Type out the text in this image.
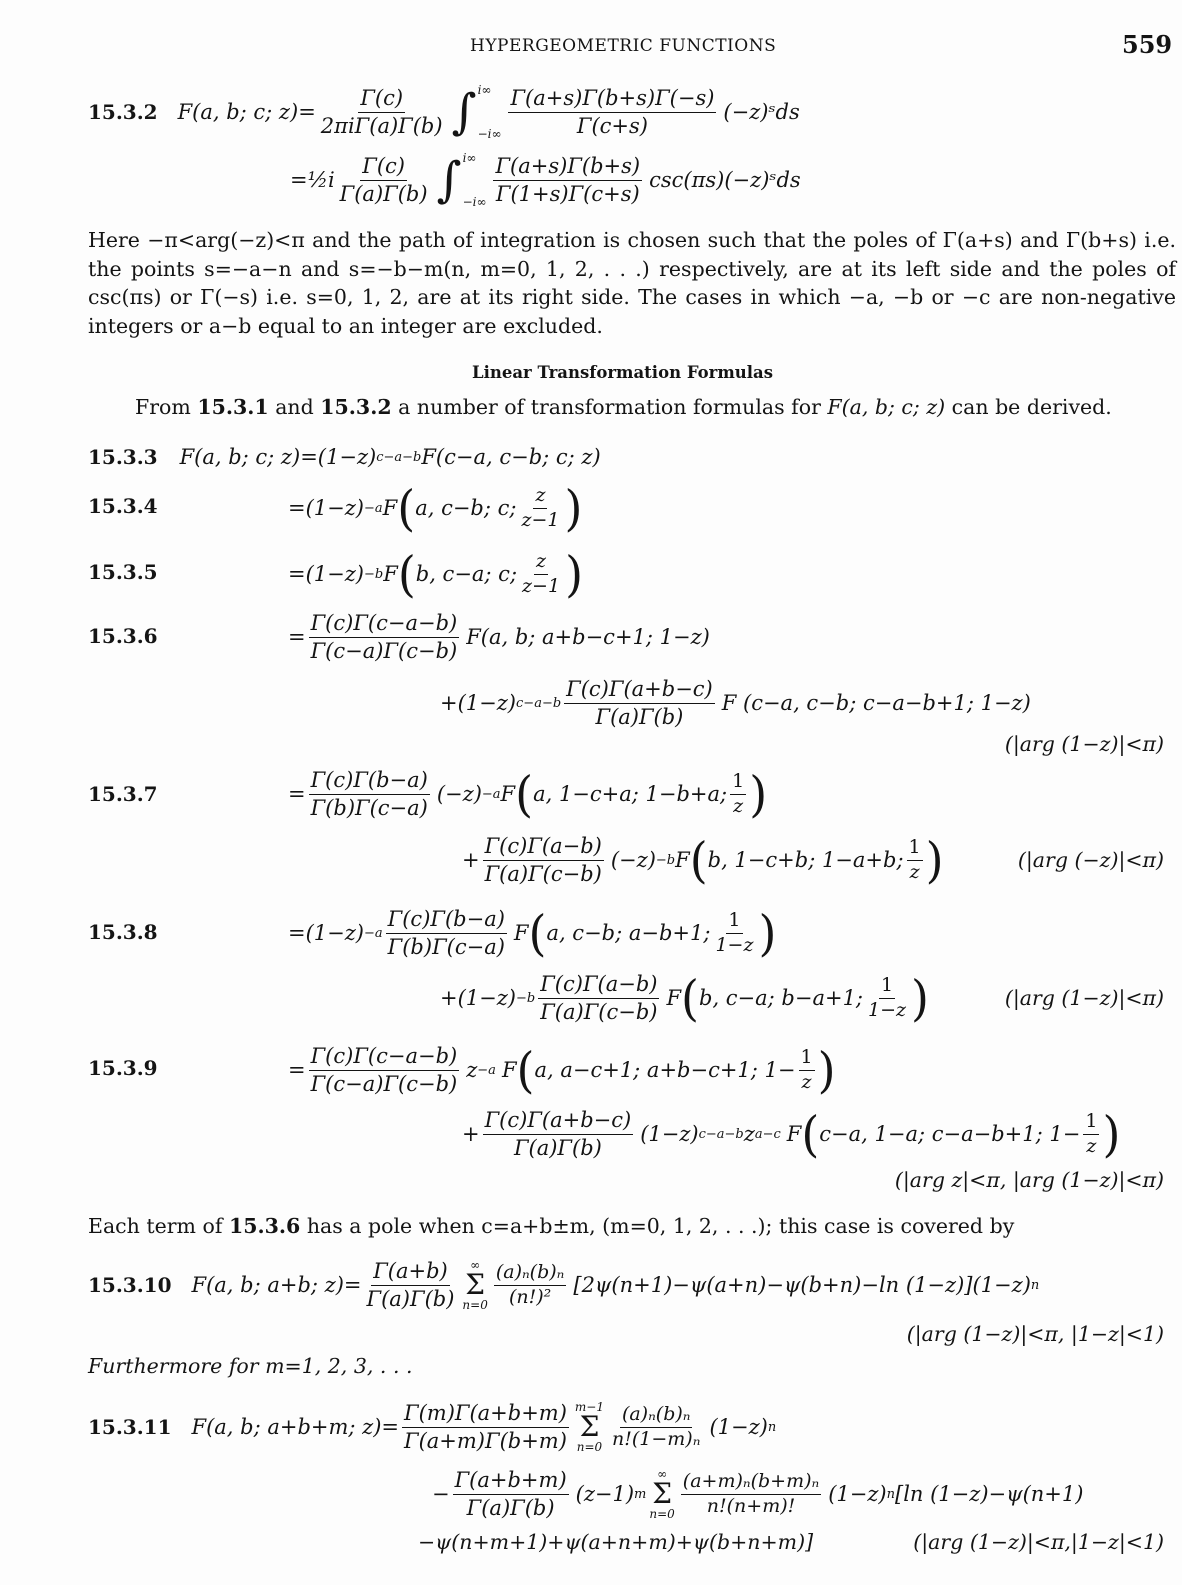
HYPERGEOMETRIC FUNCTIONS	559
15.3.2 F(a, b; c; $z)= \frac{\Gamma(c)}{\text{2πiΓ(a)Γ(b)}}$ ∫ i∞
$-i\infty \frac{\Gamma(a+s)\Gamma(b+s)\Gamma(-s)}{\Gamma(c+s)}$ (−z)ˢds
=½i $\frac{\Gamma(c)}{\Gamma(a)\Gamma(b)}$ ∫ i∞
$-i\infty \frac{\Gamma(a+s)\Gamma(b+s)}{\Gamma(1+s)\Gamma(c+s)}$ csc(πs)(−z)ˢds
Here −π<arg(−z)<π and the path of integration is chosen such that the poles of Γ(a+s) and Γ(b+s) i.e. the points s=−a−n and s=−b−m(n, m=0, 1, 2, . . .) respectively, are at its left side and the poles of csc(πs) or Γ(−s) i.e. s=0, 1, 2, are at its right side. The cases in which −a, −b or −c are non-negative integers or a−b equal to an integer are excluded.
Linear Transformation Formulas
From 15.3.1 and 15.3.2 a number of transformation formulas for F(a, b; c; z) can be derived.
15.3.3 F(a, b; c; z) =(1−z) c−a−b F(c−a, c−b; c; z)
15.3.4	=(1−z) −a F ( a, c−b; c; $\frac{z}{z-1}$ )
15.3.5	=(1−z) −b F ( b, c−a; c; $\frac{z}{z-1}$ )
15.3.6	= $\frac{\Gamma(c)\Gamma(c-a-b)}{\Gamma(c-a)\Gamma(c-b)} F(a$, b; a+b−c+1; 1−z)
+(1−z) $c-a-b \frac{\Gamma(c)\Gamma(a+b-c)}{\Gamma(a)\Gamma(b)}$ F (c−a, c−b; c−a−b+1; 1−z)
(|arg (1−z)|<π)
15.3.7	= $\frac{\Gamma(c)\Gamma(b-a)}{\Gamma(b)\Gamma(c-a)} (-z) -a$ F ( a, 1−c+a; 1−b+a; $\frac{1}{z}$ )
+ $\frac{\Gamma(c)\Gamma(a-b)}{\Gamma(a)\Gamma(c-b)} (-z) -b$ F ( b, 1−c+b; 1−a+b; $\frac{1}{z}$ )	(|arg (−z)|<π)
15.3.8	$=(1-z) -a \frac{\Gamma(c)\Gamma(b-a)}{\Gamma(b)\Gamma(c-a)}$ F ( a, c−b; a−b+1; $\frac{1}{1-z}$ )
$+(1-z) -b \frac{\Gamma(c)\Gamma(a-b)}{\Gamma(a)\Gamma(c-b)}$ F ( b, c−a; b−a+1; $\frac{1}{1-z}$ )	(|arg (1−z)|<π)
15.3.9	= $\frac{\Gamma(c)\Gamma(c-a-b)}{\Gamma(c-a)\Gamma(c-b)}$ z −a F ( a, a−c+1; a+b−c+1; $1- \frac{1}{z}$ )
+ $\frac{\Gamma(c)\Gamma(a+b-c)}{\Gamma(a)\Gamma(b)} (1-z)$ c−a−b z a−c F ( c−a, 1−a; c−a−b+1; $1- \frac{1}{z}$ )
(|arg z|<π, |arg (1−z)|<π)
Each term of 15.3.6 has a pole when c=a+b±m, (m=0, 1, 2, . . .); this case is covered by
15.3.10 F(a, b; a+b; $z)= \frac{\Gamma(a+b)}{\Gamma(a)\Gamma(b)}$ ∞
Σ
$n=0 \frac{\text{(a)ₙ(b)ₙ}}{\text{(n!)²}} [2\psi(n+1)-\psi(a+n)-\psi(b+n)-\ln$ (1−z)](1−z) n
(|arg (1−z)|<π, |1−z|<1)
Furthermore for m=1, 2, 3, . . .
15.3.11 F(a, b; a+b+m; $z)= \frac{\Gamma(m)\Gamma(a+b+m)}{\Gamma(a+m)\Gamma(b+m)} m-1$
Σ
$n=0 \frac{\text{(a)ₙ(b)ₙ}}{\text{n!(1−m)ₙ}} (1-z)$ n
− $\frac{\Gamma(a+b+m)}{\Gamma(a)\Gamma(b)} (z-1)$ m
∞
Σ
$n=0 \frac{\text{(a+m)ₙ(b+m)ₙ}}{n!(n+m)!} (1-z)$ n [ln (1−z)−ψ(n+1)
−ψ(n+m+1)+ψ(a+n+m)+ψ(b+n+m)]	(|arg (1−z)|<π,|1−z|<1)
